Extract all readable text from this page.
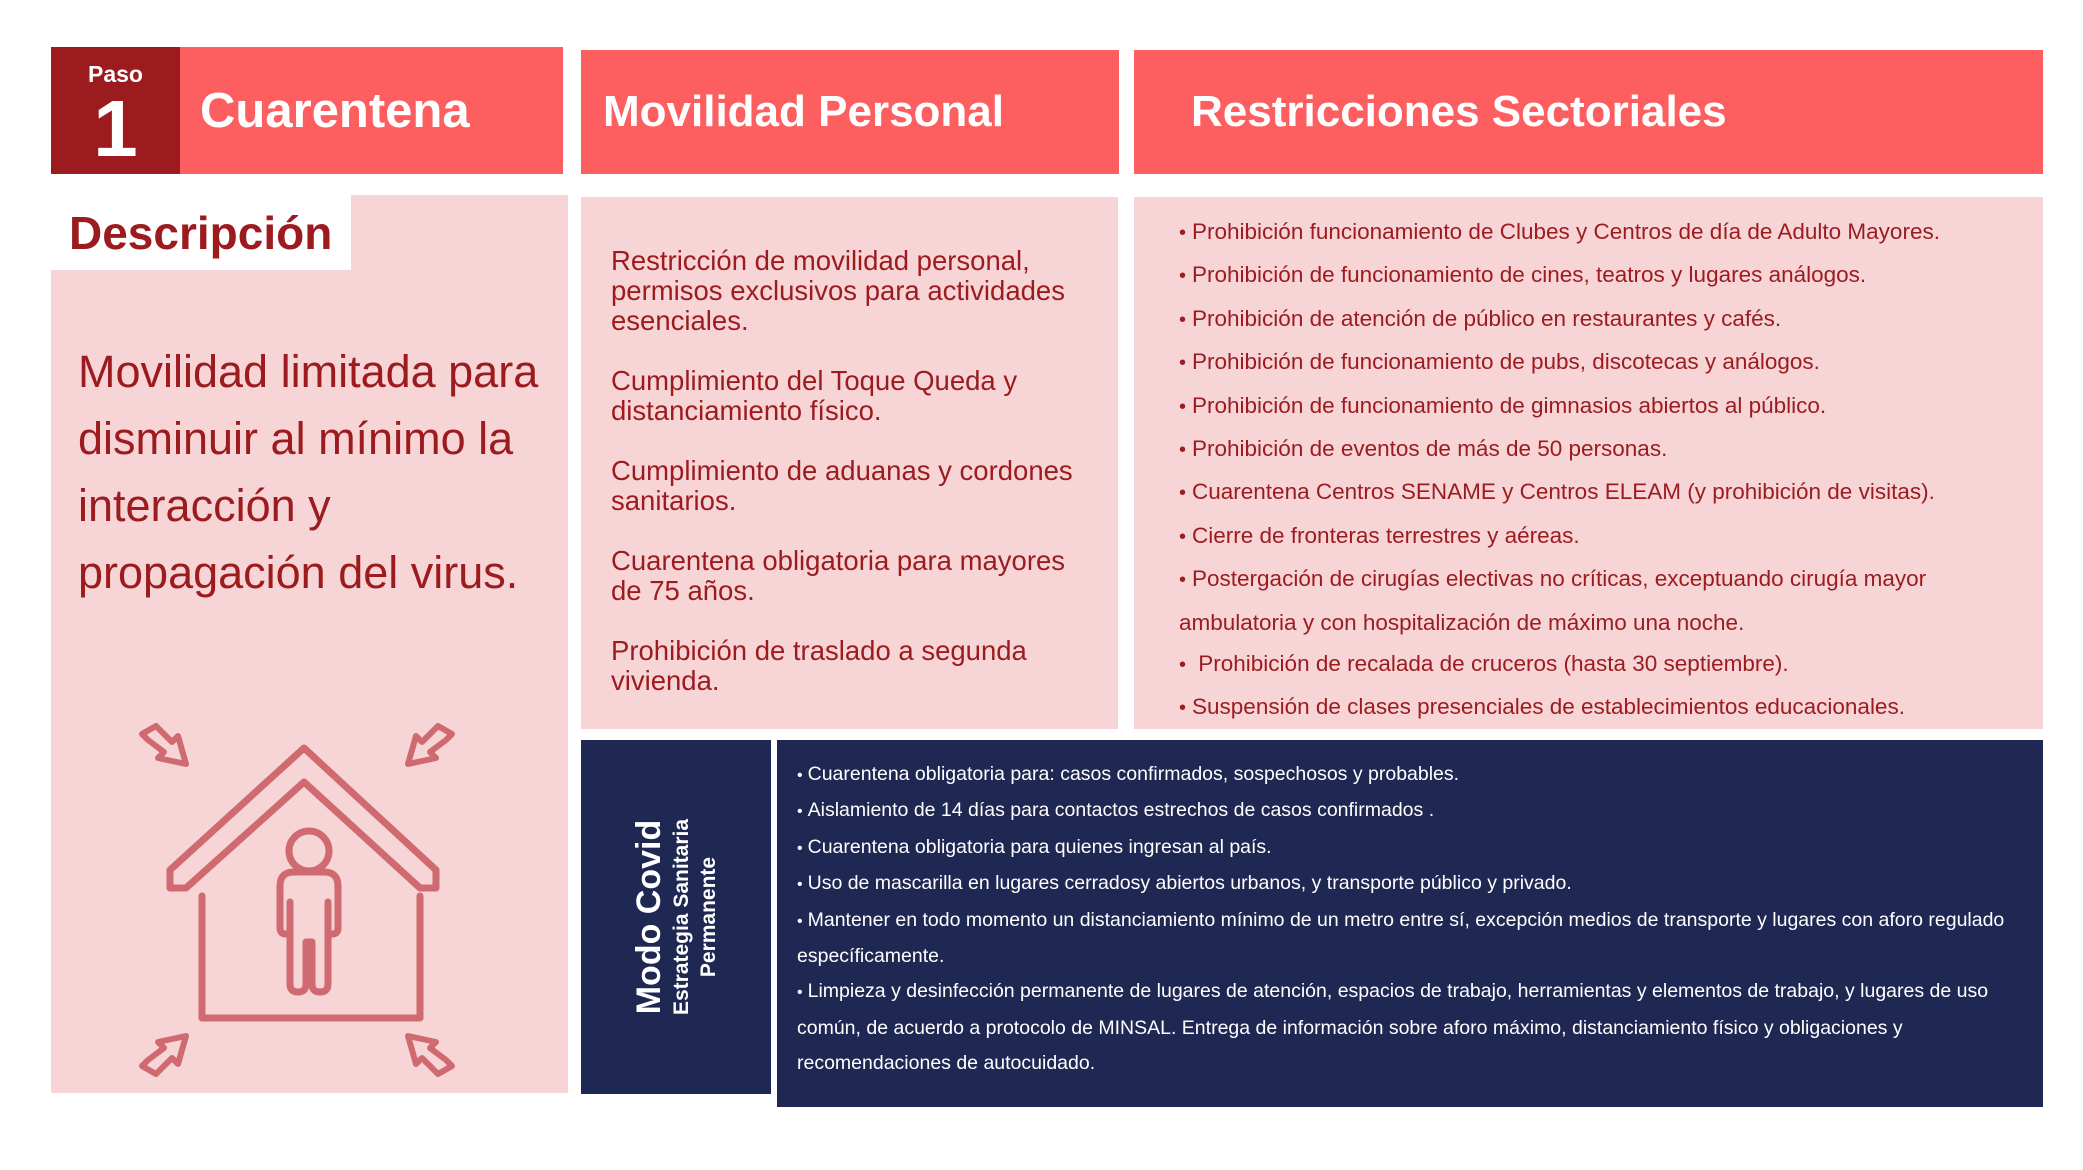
Paso
1	Cuarentena	Movilidad Personal	Restricciones Sectoriales
Descripción
Movilidad limitada para disminuir al mínimo la interacción y propagación del virus.
Restricción de movilidad personal, permisos exclusivos para actividades esenciales.
Cumplimiento del Toque Queda y distanciamiento físico.
Cumplimiento de aduanas y cordones sanitarios.
Cuarentena obligatoria para mayores de 75 años.
Prohibición de traslado a segunda vivienda.
• Prohibición funcionamiento de Clubes y Centros de día de Adulto Mayores.
• Prohibición de funcionamiento de cines, teatros y lugares análogos.
• Prohibición de atención de público en restaurantes y cafés.
• Prohibición de funcionamiento de pubs, discotecas y análogos.
• Prohibición de funcionamiento de gimnasios abiertos al público.
• Prohibición de eventos de más de 50 personas.
• Cuarentena Centros SENAME y Centros ELEAM (y prohibición de visitas).
• Cierre de fronteras terrestres y aéreas.
• Postergación de cirugías electivas no críticas, exceptuando cirugía mayor ambulatoria y con hospitalización de máximo una noche.
• Prohibición de recalada de cruceros (hasta 30 septiembre).
• Suspensión de clases presenciales de establecimientos educacionales.
Modo Covid Estrategia Sanitaria Permanente
• Cuarentena obligatoria para: casos confirmados, sospechosos y probables.
• Aislamiento de 14 días para contactos estrechos de casos confirmados .
• Cuarentena obligatoria para quienes ingresan al país.
• Uso de mascarilla en lugares cerradosy abiertos urbanos, y transporte público y privado.
• Mantener en todo momento un distanciamiento mínimo de un metro entre sí, excepción medios de transporte y lugares con aforo regulado específicamente.
• Limpieza y desinfección permanente de lugares de atención, espacios de trabajo, herramientas y elementos de trabajo, y lugares de uso común, de acuerdo a protocolo de MINSAL. Entrega de información sobre aforo máximo, distanciamiento físico y obligaciones y recomendaciones de autocuidado.
